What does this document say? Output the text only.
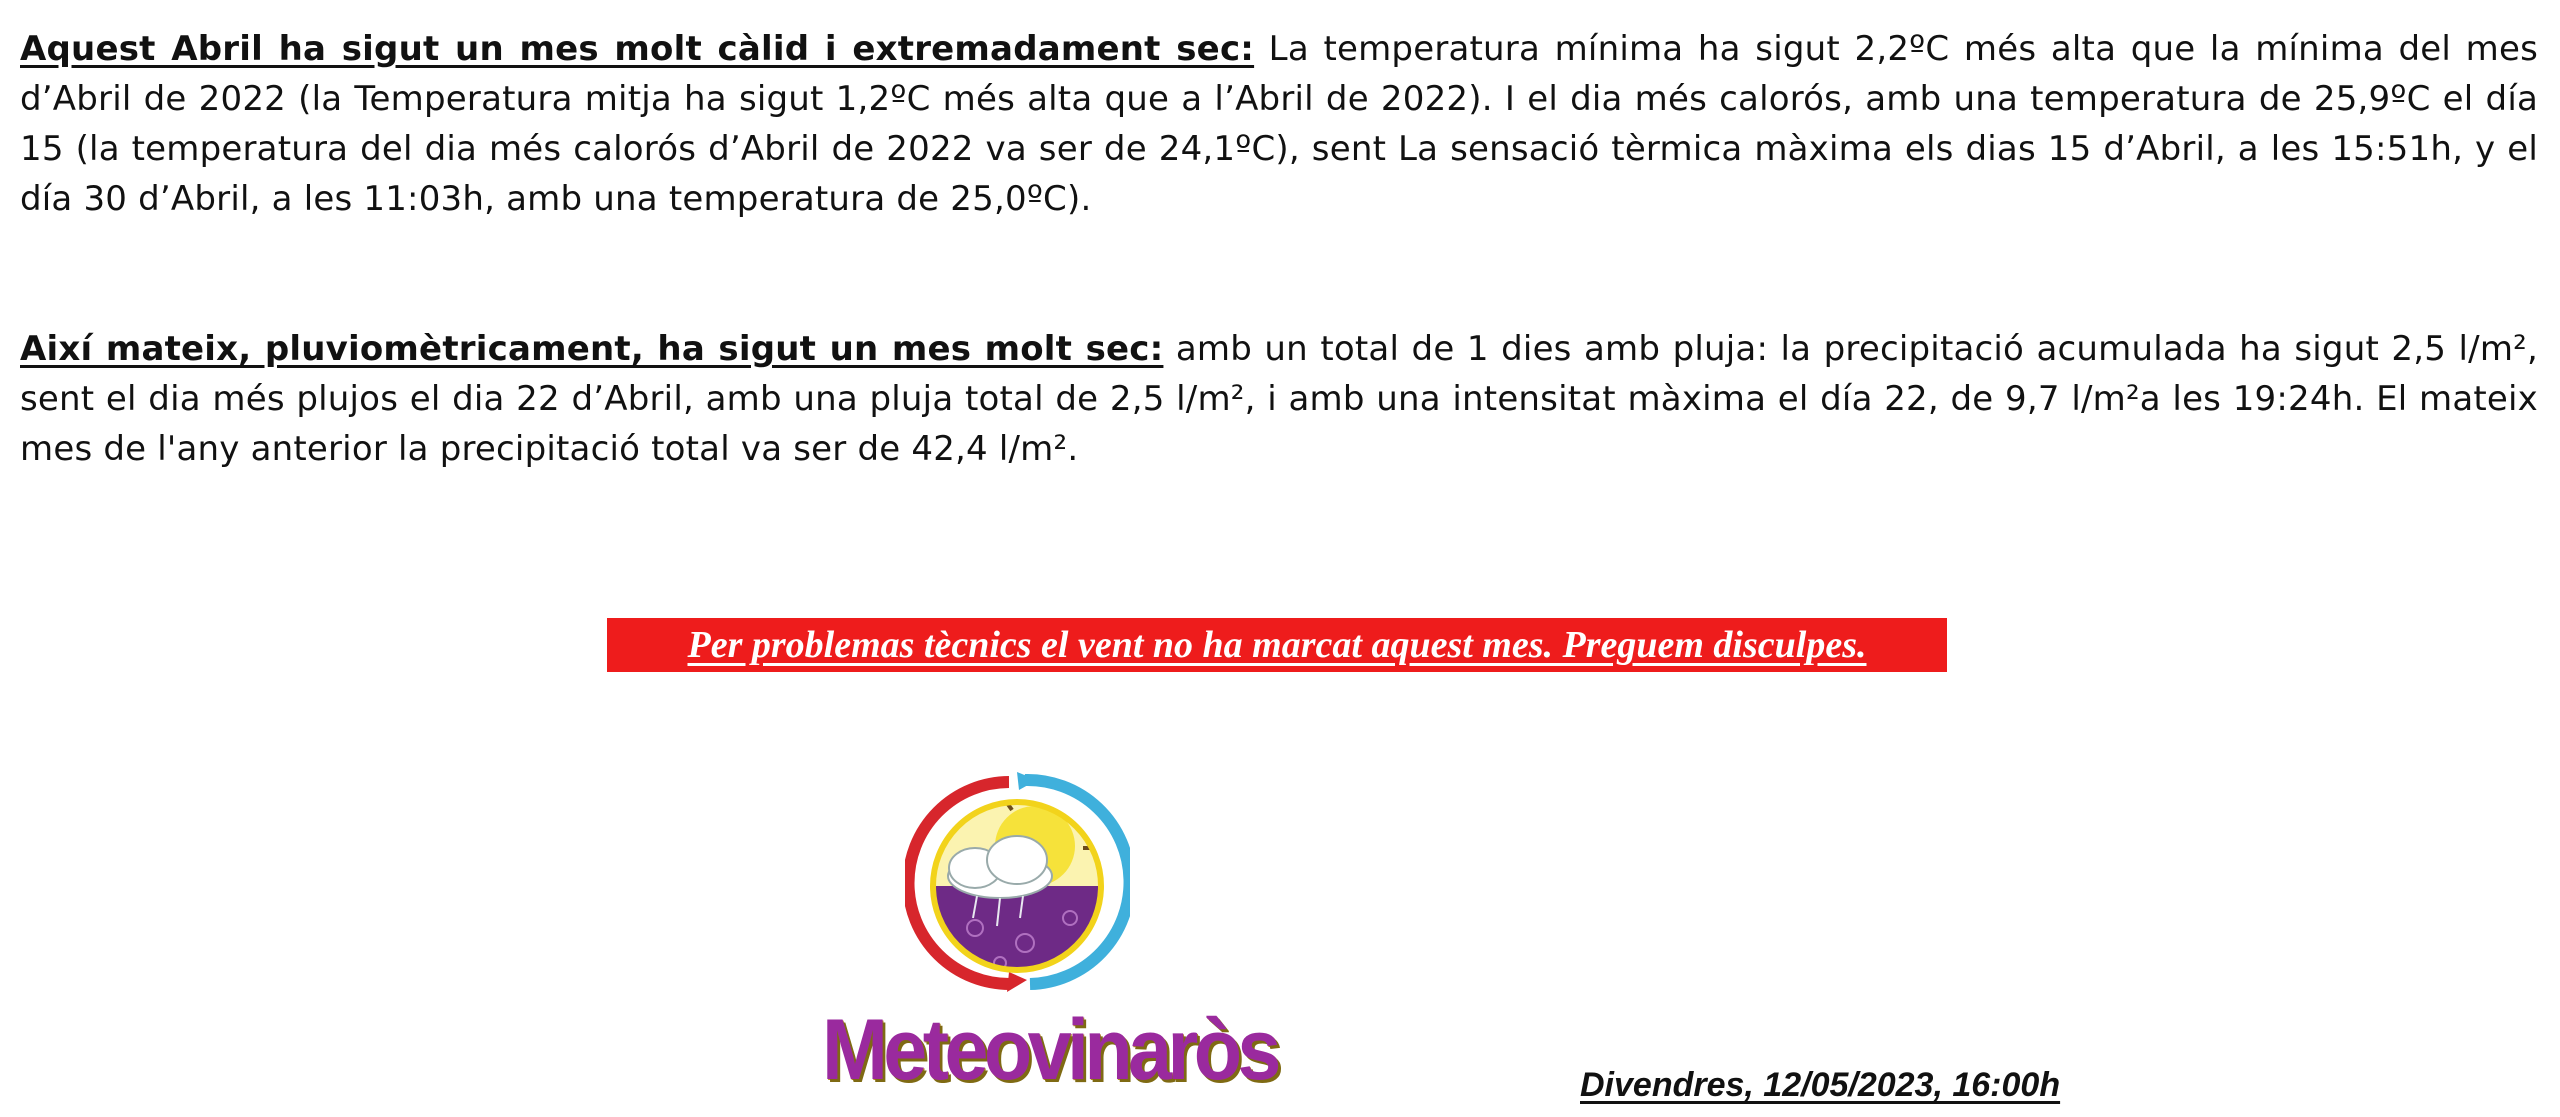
Aquest Abril ha sigut un mes molt càlid i extremadament sec: La temperatura mínima ha sigut 2,2ºC més alta que la mínima del mes d’Abril de 2022 (la Temperatura mitja ha sigut 1,2ºC més alta que a l’Abril de 2022). I el dia més calorós, amb una temperatura de 25,9ºC el día 15 (la temperatura del dia més calorós d’Abril de 2022 va ser de 24,1ºC), sent La sensació tèrmica màxima els dias 15 d’Abril, a les 15:51h, y el día 30 d’Abril, a les 11:03h, amb una temperatura de 25,0ºC).
Així mateix, pluviomètricament, ha sigut un mes molt sec: amb un total de 1 dies amb pluja: la precipitació acumulada ha sigut 2,5 l/m², sent el dia més plujos el dia 22 d’Abril, amb una pluja total de 2,5 l/m², i amb una intensitat màxima el día 22, de 9,7 l/m²a les 19:24h. El mateix mes de l'any anterior la precipitació total va ser de 42,4 l/m².
Per problemas tècnics el vent no ha marcat aquest mes. Preguem disculpes.
Meteovinaròs	Divendres, 12/05/2023, 16:00h
